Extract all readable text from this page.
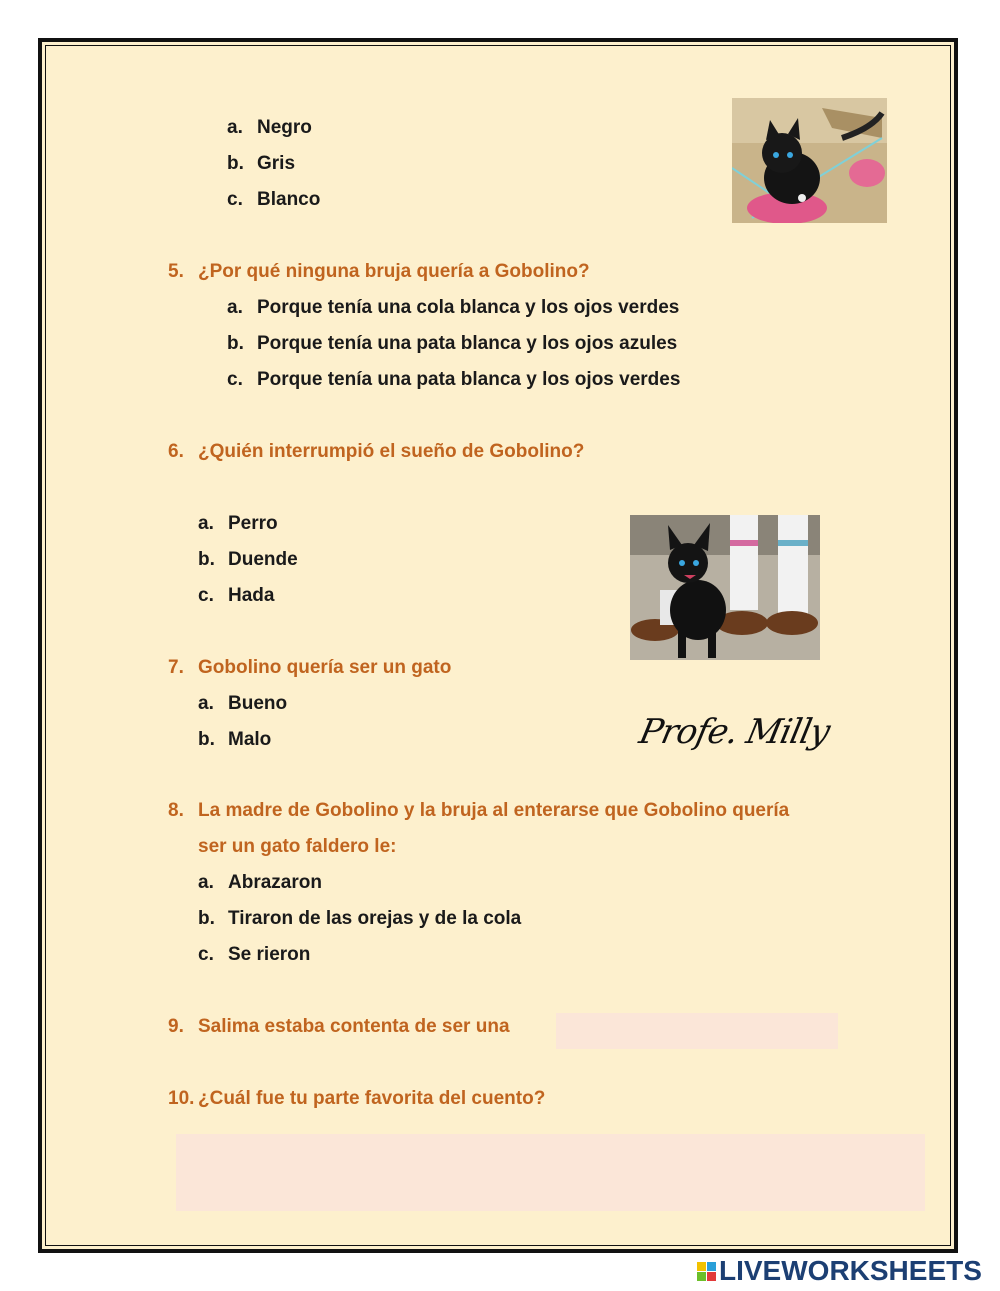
a. Negro
b. Gris
c. Blanco
5. ¿Por qué ninguna bruja quería a Gobolino?
a. Porque tenía una cola blanca y los ojos verdes
b. Porque tenía una pata blanca y los ojos azules
c. Porque tenía una pata blanca y los ojos verdes
6. ¿Quién interrumpió el sueño de Gobolino?
a. Perro
b. Duende
c. Hada
7. Gobolino quería ser un gato
a. Bueno
b. Malo	Profe. Milly
8. La madre de Gobolino y la bruja al enterarse que Gobolino quería
ser un gato faldero le:
a. Abrazaron
b. Tiraron de las orejas y de la cola
c. Se rieron
9. Salima estaba contenta de ser una
10. ¿Cuál fue tu parte favorita del cuento?
LIVEWORKSHEETS
